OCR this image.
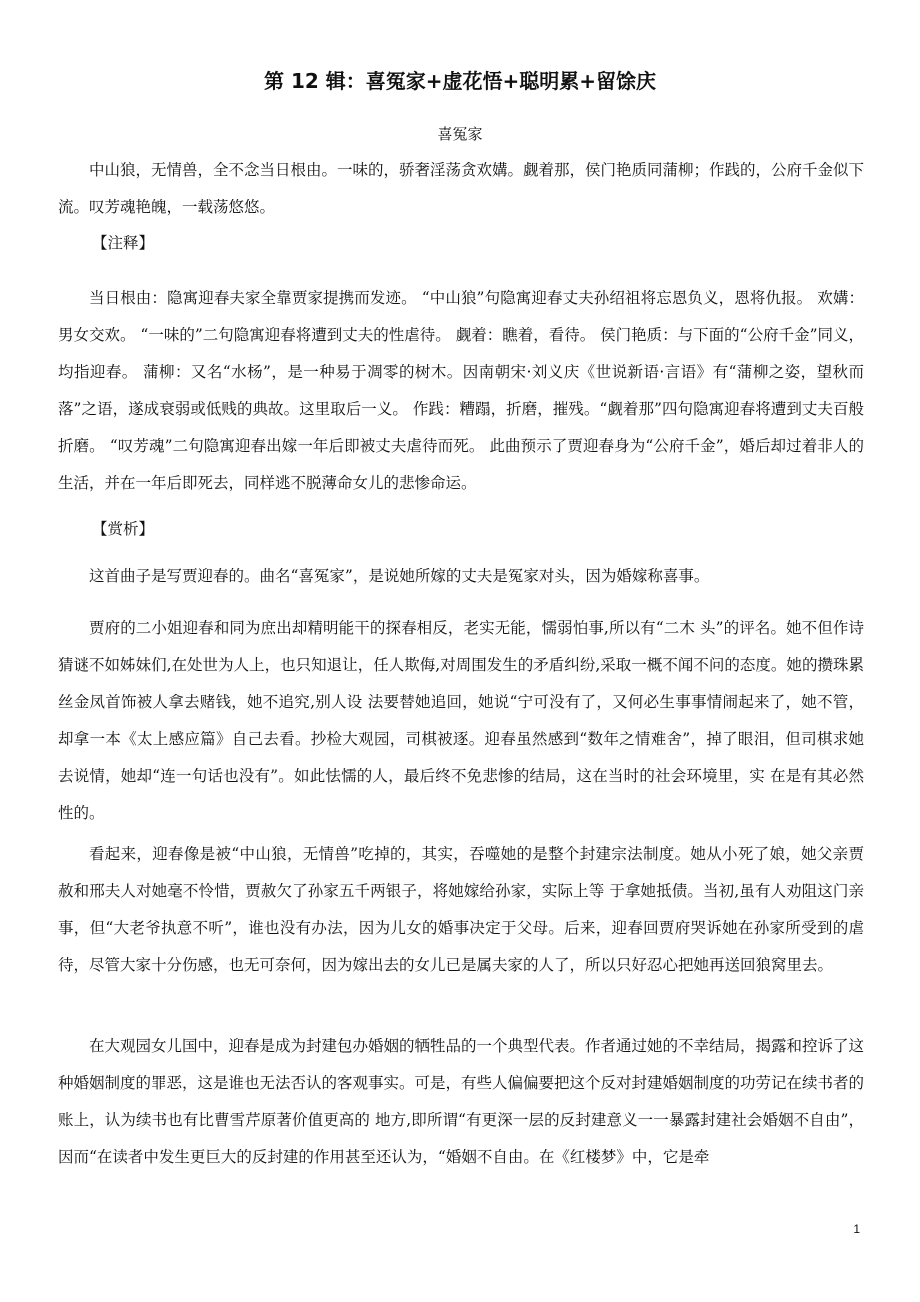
第 12 辑：喜冤家+虚花悟+聪明累+留馀庆
喜冤家

中山狼，无情兽，全不念当日根由。一味的，骄奢淫荡贪欢媾。觑着那，侯门艳质同蒲柳；作践的，公府千金似下流。叹芳魂艳魄，一载荡悠悠。

【注释】

当日根由：隐寓迎春夫家全靠贾家提携而发迹。 “中山狼”句隐寓迎春丈夫孙绍祖将忘恩负义，恩将仇报。 欢媾：男女交欢。 “一味的”二句隐寓迎春将遭到丈夫的性虐待。 觑着：瞧着，看待。 侯门艳质：与下面的“公府千金”同义，均指迎春。 蒲柳：又名“水杨”，是一种易于凋零的树木。因南朝宋·刘义庆《世说新语·言语》有“蒲柳之姿，望秋而落”之语，遂成衰弱或低贱的典故。这里取后一义。 作践：糟蹋，折磨，摧残。“觑着那”四句隐寓迎春将遭到丈夫百般折磨。 “叹芳魂”二句隐寓迎春出嫁一年后即被丈夫虐待而死。 此曲预示了贾迎春身为“公府千金”，婚后却过着非人的生活，并在一年后即死去，同样逃不脱薄命女儿的悲惨命运。

【赏析】

这首曲子是写贾迎春的。曲名“喜冤家”，是说她所嫁的丈夫是冤家对头，因为婚嫁称喜事。

贾府的二小姐迎春和同为庶出却精明能干的探春相反，老实无能，懦弱怕事,所以有“二木 头”的评名。她不但作诗猜谜不如姊妹们,在处世为人上，也只知退让，任人欺侮,对周围发生的矛盾纠纷,采取一概不闻不问的态度。她的攒珠累丝金凤首饰被人拿去赌钱，她不追究,别人设 法要替她追回，她说“宁可没有了，又何必生事事情闹起来了，她不管，却拿一本《太上感应篇》自己去看。抄检大观园，司棋被逐。迎春虽然感到“数年之情难舍”，掉了眼泪，但司棋求她去说情，她却“连一句话也没有”。如此怯懦的人，最后终不免悲惨的结局，这在当时的社会环境里，实 在是有其必然性的。

看起来，迎春像是被“中山狼，无情兽”吃掉的，其实，吞噬她的是整个封建宗法制度。她从小死了娘，她父亲贾赦和邢夫人对她毫不怜惜，贾赦欠了孙家五千两银子，将她嫁给孙家，实际上等 于拿她抵债。当初,虽有人劝阻这门亲事，但“大老爷执意不听”，谁也没有办法，因为儿女的婚事决定于父母。后来，迎春回贾府哭诉她在孙家所受到的虐待，尽管大家十分伤感，也无可奈何，因为嫁出去的女儿已是属夫家的人了，所以只好忍心把她再送回狼窝里去。

在大观园女儿国中，迎春是成为封建包办婚姻的牺牲品的一个典型代表。作者通过她的不幸结局，揭露和控诉了这种婚姻制度的罪恶，这是谁也无法否认的客观事实。可是，有些人偏偏要把这个反对封建婚姻制度的功劳记在续书者的账上，认为续书也有比曹雪芹原著价值更高的 地方,即所谓“有更深一层的反封建意义一一暴露封建社会婚姻不自由”，因而“在读者中发生更巨大的反封建的作用甚至还认为，“婚姻不自由。在《红楼梦》中，它是牵

1
